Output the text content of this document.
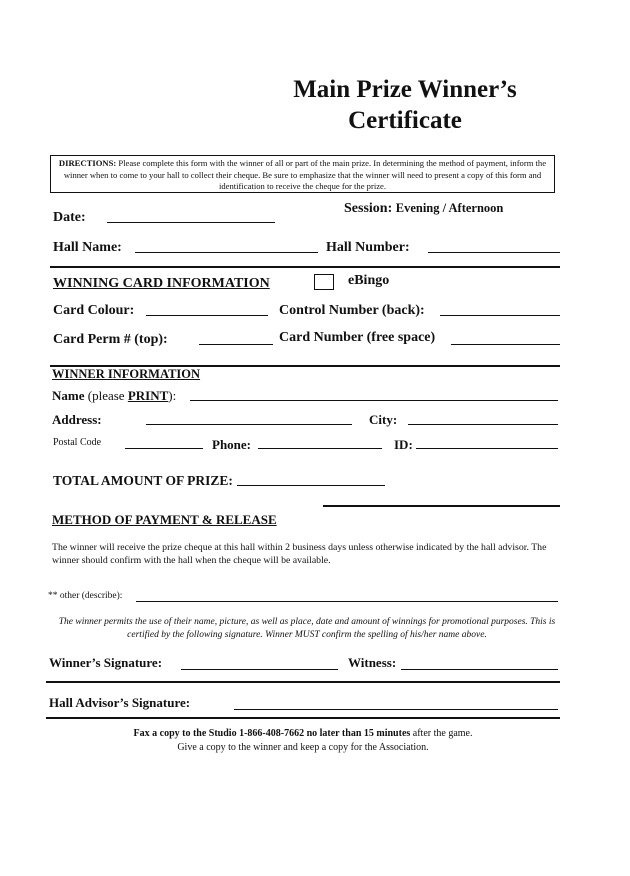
Main Prize Winner’s
Certificate
DIRECTIONS: Please complete this form with the winner of all or part of the main prize. In determining the method of payment, inform the winner when to come to your hall to collect their cheque. Be sure to emphasize that the winner will need to present a copy of this form and identification to receive the cheque for the prize.
Session: Evening / Afternoon
Date:
Hall Name:	Hall Number:
WINNING CARD INFORMATION	eBingo
Card Colour:	Control Number (back):
Card Perm # (top):	Card Number (free space)
WINNER INFORMATION
Name (please PRINT):
Address:	City:
Postal Code	Phone:	ID:
TOTAL AMOUNT OF PRIZE:
METHOD OF PAYMENT & RELEASE
The winner will receive the prize cheque at this hall within 2 business days unless otherwise indicated by the hall advisor. The winner should confirm with the hall when the cheque will be available.
** other (describe):
The winner permits the use of their name, picture, as well as place, date and amount of winnings for promotional purposes. This is certified by the following signature. Winner MUST confirm the spelling of his/her name above.
Winner’s Signature:	Witness:
Hall Advisor’s Signature:
Fax a copy to the Studio 1-866-408-7662 no later than 15 minutes after the game.
Give a copy to the winner and keep a copy for the Association.
